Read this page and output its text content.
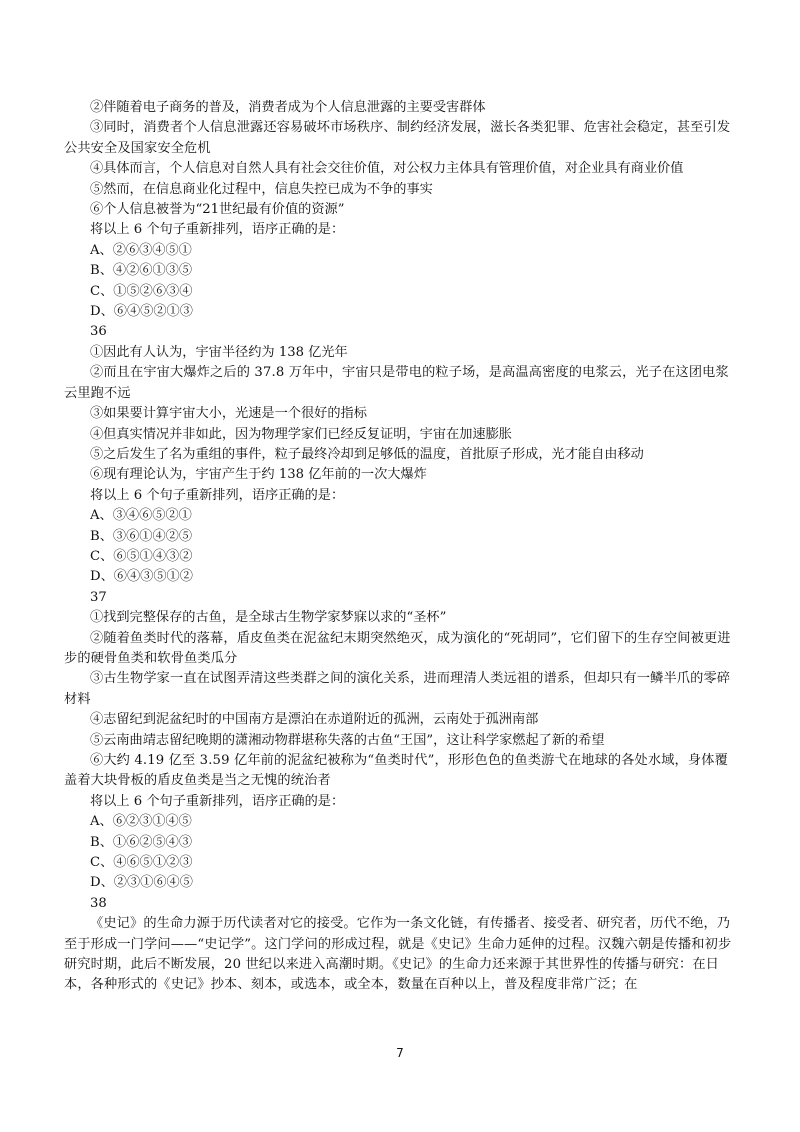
②伴随着电子商务的普及，消费者成为个人信息泄露的主要受害群体

③同时，消费者个人信息泄露还容易破坏市场秩序、制约经济发展，滋长各类犯罪、危害社会稳定，甚至引发公共安全及国家安全危机

④具体而言，个人信息对自然人具有社会交往价值，对公权力主体具有管理价值，对企业具有商业价值

⑤然而，在信息商业化过程中，信息失控已成为不争的事实

⑥个人信息被誉为“21世纪最有价值的资源”

将以上 6 个句子重新排列，语序正确的是：

A、②⑥③④⑤①

B、④②⑥①③⑤

C、①⑤②⑥③④

D、⑥④⑤②①③

36

①因此有人认为，宇宙半径约为 138 亿光年

②而且在宇宙大爆炸之后的 37.8 万年中，宇宙只是带电的粒子场，是高温高密度的电浆云，光子在这团电浆云里跑不远

③如果要计算宇宙大小，光速是一个很好的指标

④但真实情况并非如此，因为物理学家们已经反复证明，宇宙在加速膨胀

⑤之后发生了名为重组的事件，粒子最终冷却到足够低的温度，首批原子形成，光才能自由移动

⑥现有理论认为，宇宙产生于约 138 亿年前的一次大爆炸

将以上 6 个句子重新排列，语序正确的是：

A、③④⑥⑤②①

B、③⑥①④②⑤

C、⑥⑤①④③②

D、⑥④③⑤①②

37

①找到完整保存的古鱼，是全球古生物学家梦寐以求的“圣杯”

②随着鱼类时代的落幕，盾皮鱼类在泥盆纪末期突然绝灭，成为演化的“死胡同”，它们留下的生存空间被更进步的硬骨鱼类和软骨鱼类瓜分

③古生物学家一直在试图弄清这些类群之间的演化关系，进而理清人类远祖的谱系，但却只有一鳞半爪的零碎材料

④志留纪到泥盆纪时的中国南方是漂泊在赤道附近的孤洲，云南处于孤洲南部

⑤云南曲靖志留纪晚期的潇湘动物群堪称失落的古鱼“王国”，这让科学家燃起了新的希望

⑥大约 4.19 亿至 3.59 亿年前的泥盆纪被称为“鱼类时代”，形形色色的鱼类游弋在地球的各处水域，身体覆盖着大块骨板的盾皮鱼类是当之无愧的统治者

将以上 6 个句子重新排列，语序正确的是：

A、⑥②③①④⑤

B、①⑥②⑤④③

C、④⑥⑤①②③

D、②③①⑥④⑤

38

《史记》的生命力源于历代读者对它的接受。它作为一条文化链，有传播者、接受者、研究者，历代不绝，乃至于形成一门学问——“史记学”。这门学问的形成过程，就是《史记》生命力延伸的过程。汉魏六朝是传播和初步研究时期，此后不断发展，20 世纪以来进入高潮时期。《史记》的生命力还来源于其世界性的传播与研究：在日本，各种形式的《史记》抄本、刻本，或选本，或全本，数量在百种以上，普及程度非常广泛；在

7
